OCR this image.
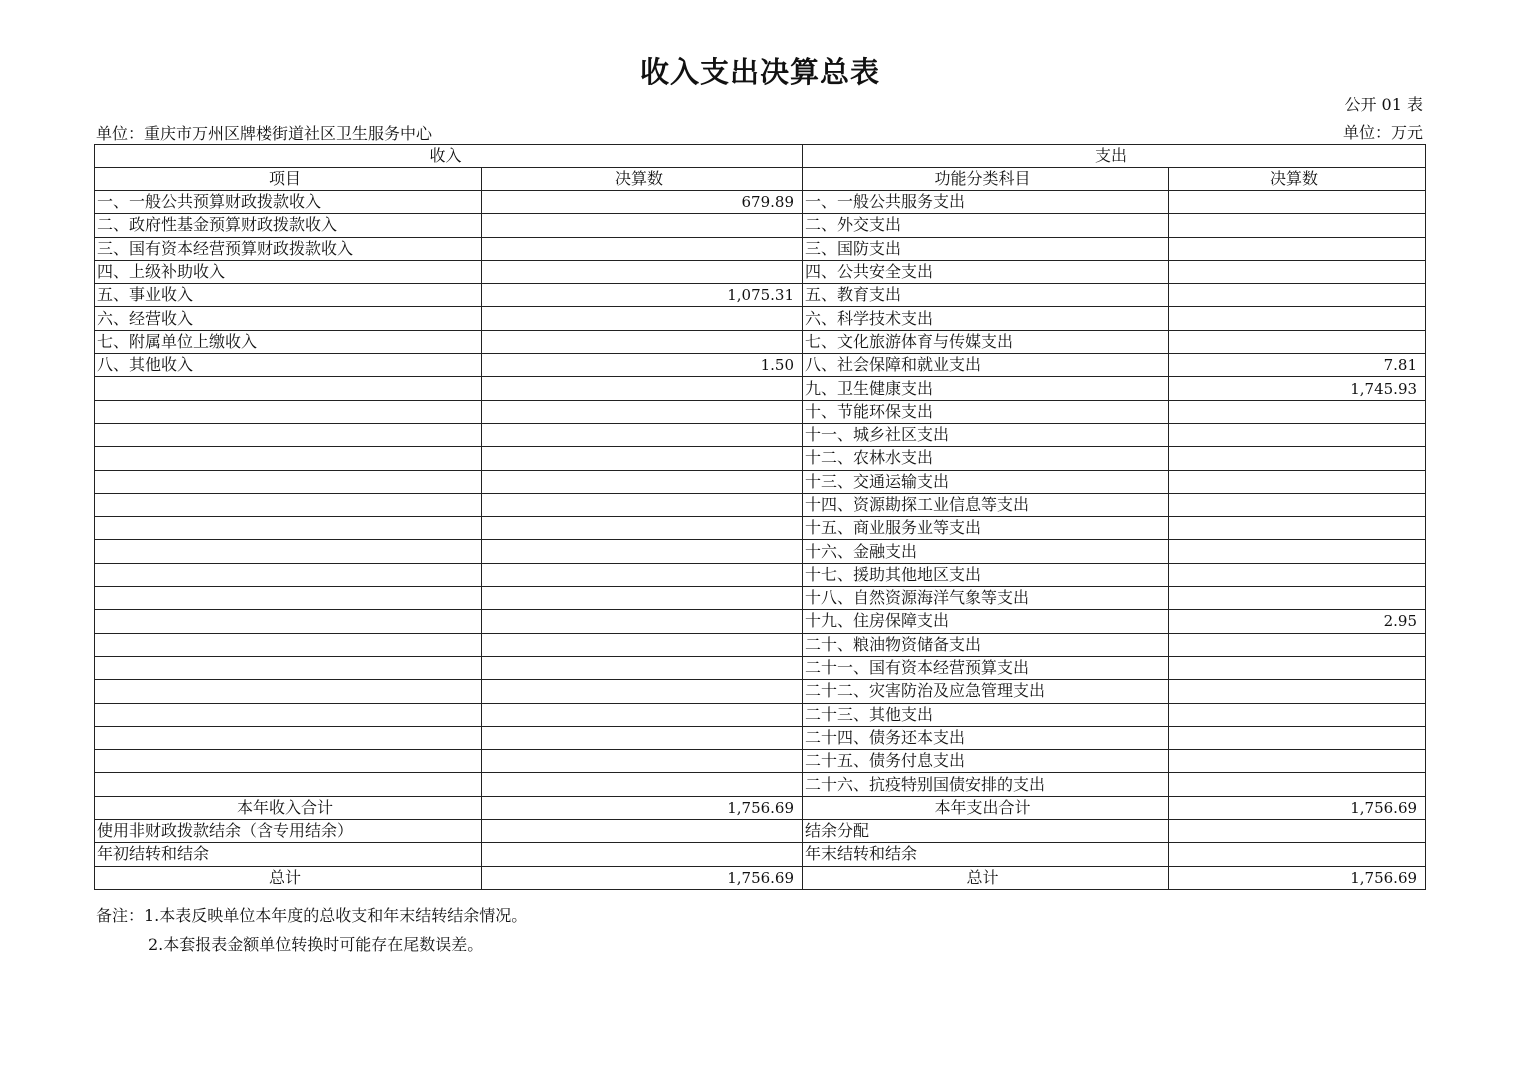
收入支出决算总表
公开 01 表
单位：重庆市万州区牌楼街道社区卫生服务中心	单位：万元
收入		支出	
项目	决算数	功能分类科目	决算数
一、一般公共预算财政拨款收入	679.89	一、一般公共服务支出	
二、政府性基金预算财政拨款收入		二、外交支出	
三、国有资本经营预算财政拨款收入		三、国防支出	
四、上级补助收入		四、公共安全支出	
五、事业收入	1,075.31	五、教育支出	
六、经营收入		六、科学技术支出	
七、附属单位上缴收入		七、文化旅游体育与传媒支出	
八、其他收入	1.50	八、社会保障和就业支出	7.81
		九、卫生健康支出	1,745.93
		十、节能环保支出	
		十一、城乡社区支出	
		十二、农林水支出	
		十三、交通运输支出	
		十四、资源勘探工业信息等支出	
		十五、商业服务业等支出	
		十六、金融支出	
		十七、援助其他地区支出	
		十八、自然资源海洋气象等支出	
		十九、住房保障支出	2.95
		二十、粮油物资储备支出	
		二十一、国有资本经营预算支出	
		二十二、灾害防治及应急管理支出	
		二十三、其他支出	
		二十四、债务还本支出	
		二十五、债务付息支出	
		二十六、抗疫特别国债安排的支出	
本年收入合计	1,756.69	本年支出合计	1,756.69
使用非财政拨款结余（含专用结余）		结余分配	
年初结转和结余		年末结转和结余	
总计	1,756.69	总计	1,756.69
备注：1.本表反映单位本年度的总收支和年末结转结余情况。
2.本套报表金额单位转换时可能存在尾数误差。
